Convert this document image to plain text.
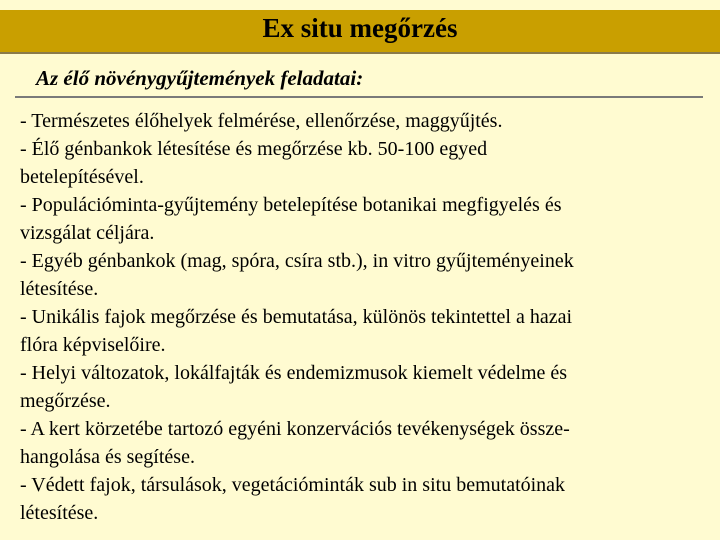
Ex situ megőrzés
Az élő növénygyűjtemények feladatai:
- Természetes élőhelyek felmérése, ellenőrzése, maggyűjtés.
- Élő génbankok létesítése és megőrzése kb. 50-100 egyed
betelepítésével.
- Populációminta-gyűjtemény betelepítése botanikai megfigyelés és
vizsgálat céljára.
- Egyéb génbankok (mag, spóra, csíra stb.), in vitro gyűjteményeinek
létesítése.
- Unikális fajok megőrzése és bemutatása, különös tekintettel a hazai
flóra képviselőire.
- Helyi változatok, lokálfajták és endemizmusok kiemelt védelme és
megőrzése.
- A kert körzetébe tartozó egyéni konzervációs tevékenységek össze-
hangolása és segítése.
- Védett fajok, társulások, vegetációminták sub in situ bemutatóinak
létesítése.
